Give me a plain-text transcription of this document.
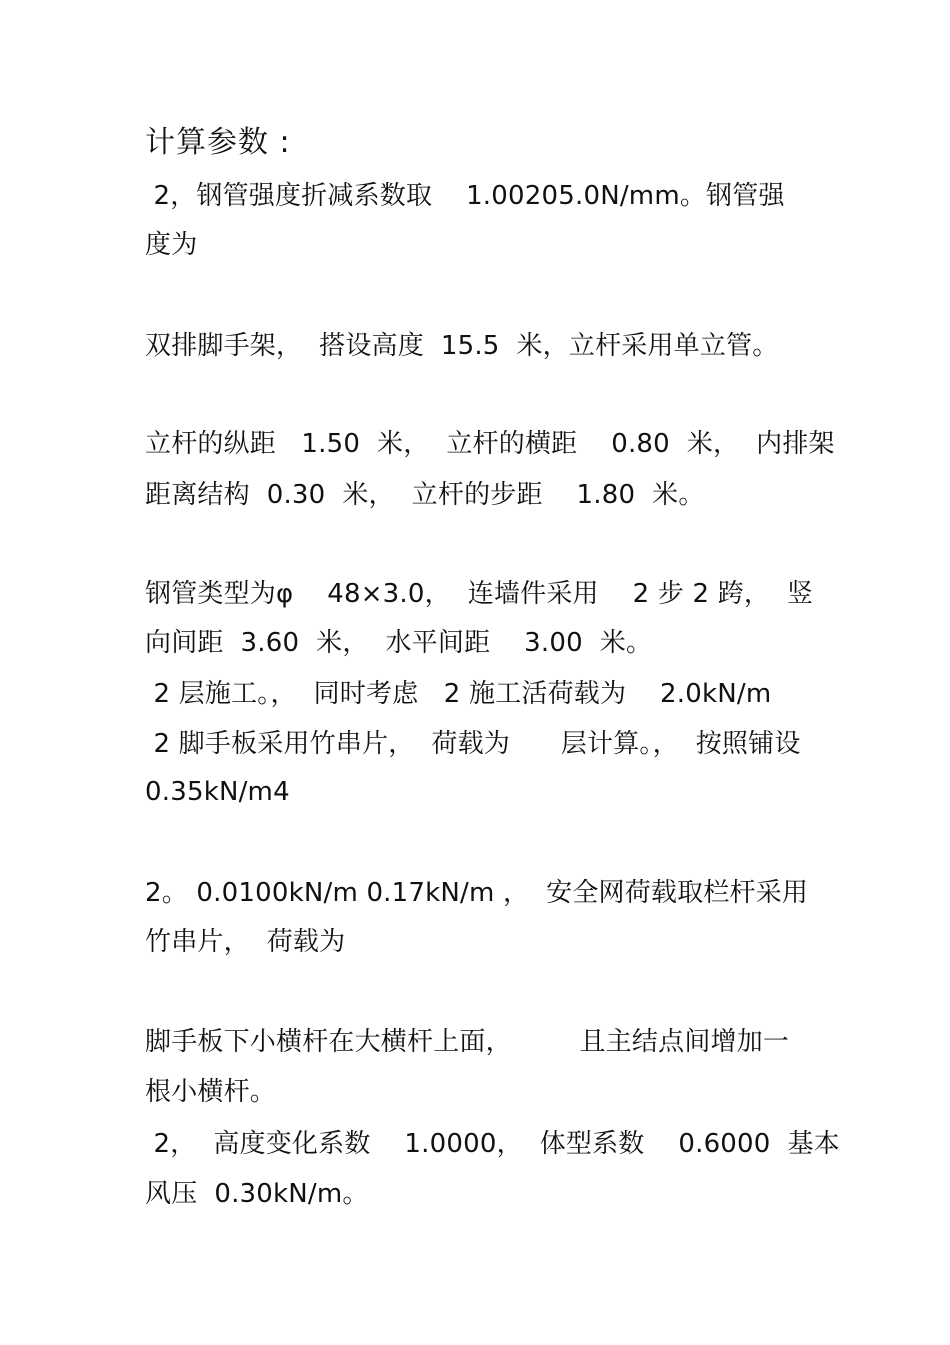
计算参数 :
2，钢管强度折减系数取    1.00205.0N/mm。钢管强
度为
双排脚手架，  搭设高度  15.5  米，立杆采用单立管。
立杆的纵距   1.50  米，  立杆的横距    0.80  米，  内排架
距离结构  0.30  米，  立杆的步距    1.80  米。
钢管类型为φ    48×3.0，  连墙件采用    2 步 2 跨，  竖
向间距  3.60  米，  水平间距    3.00  米。
2 层施工。，  同时考虑   2 施工活荷载为    2.0kN/m
2 脚手板采用竹串片，  荷载为      层计算。，  按照铺设
0.35kN/m4
2。 0.0100kN/m 0.17kN/m ，  安全网荷载取栏杆采用
竹串片，  荷载为
脚手板下小横杆在大横杆上面，        且主结点间增加一
根小横杆。
2，  高度变化系数    1.0000，  体型系数    0.6000  基本
风压  0.30kN/m。
